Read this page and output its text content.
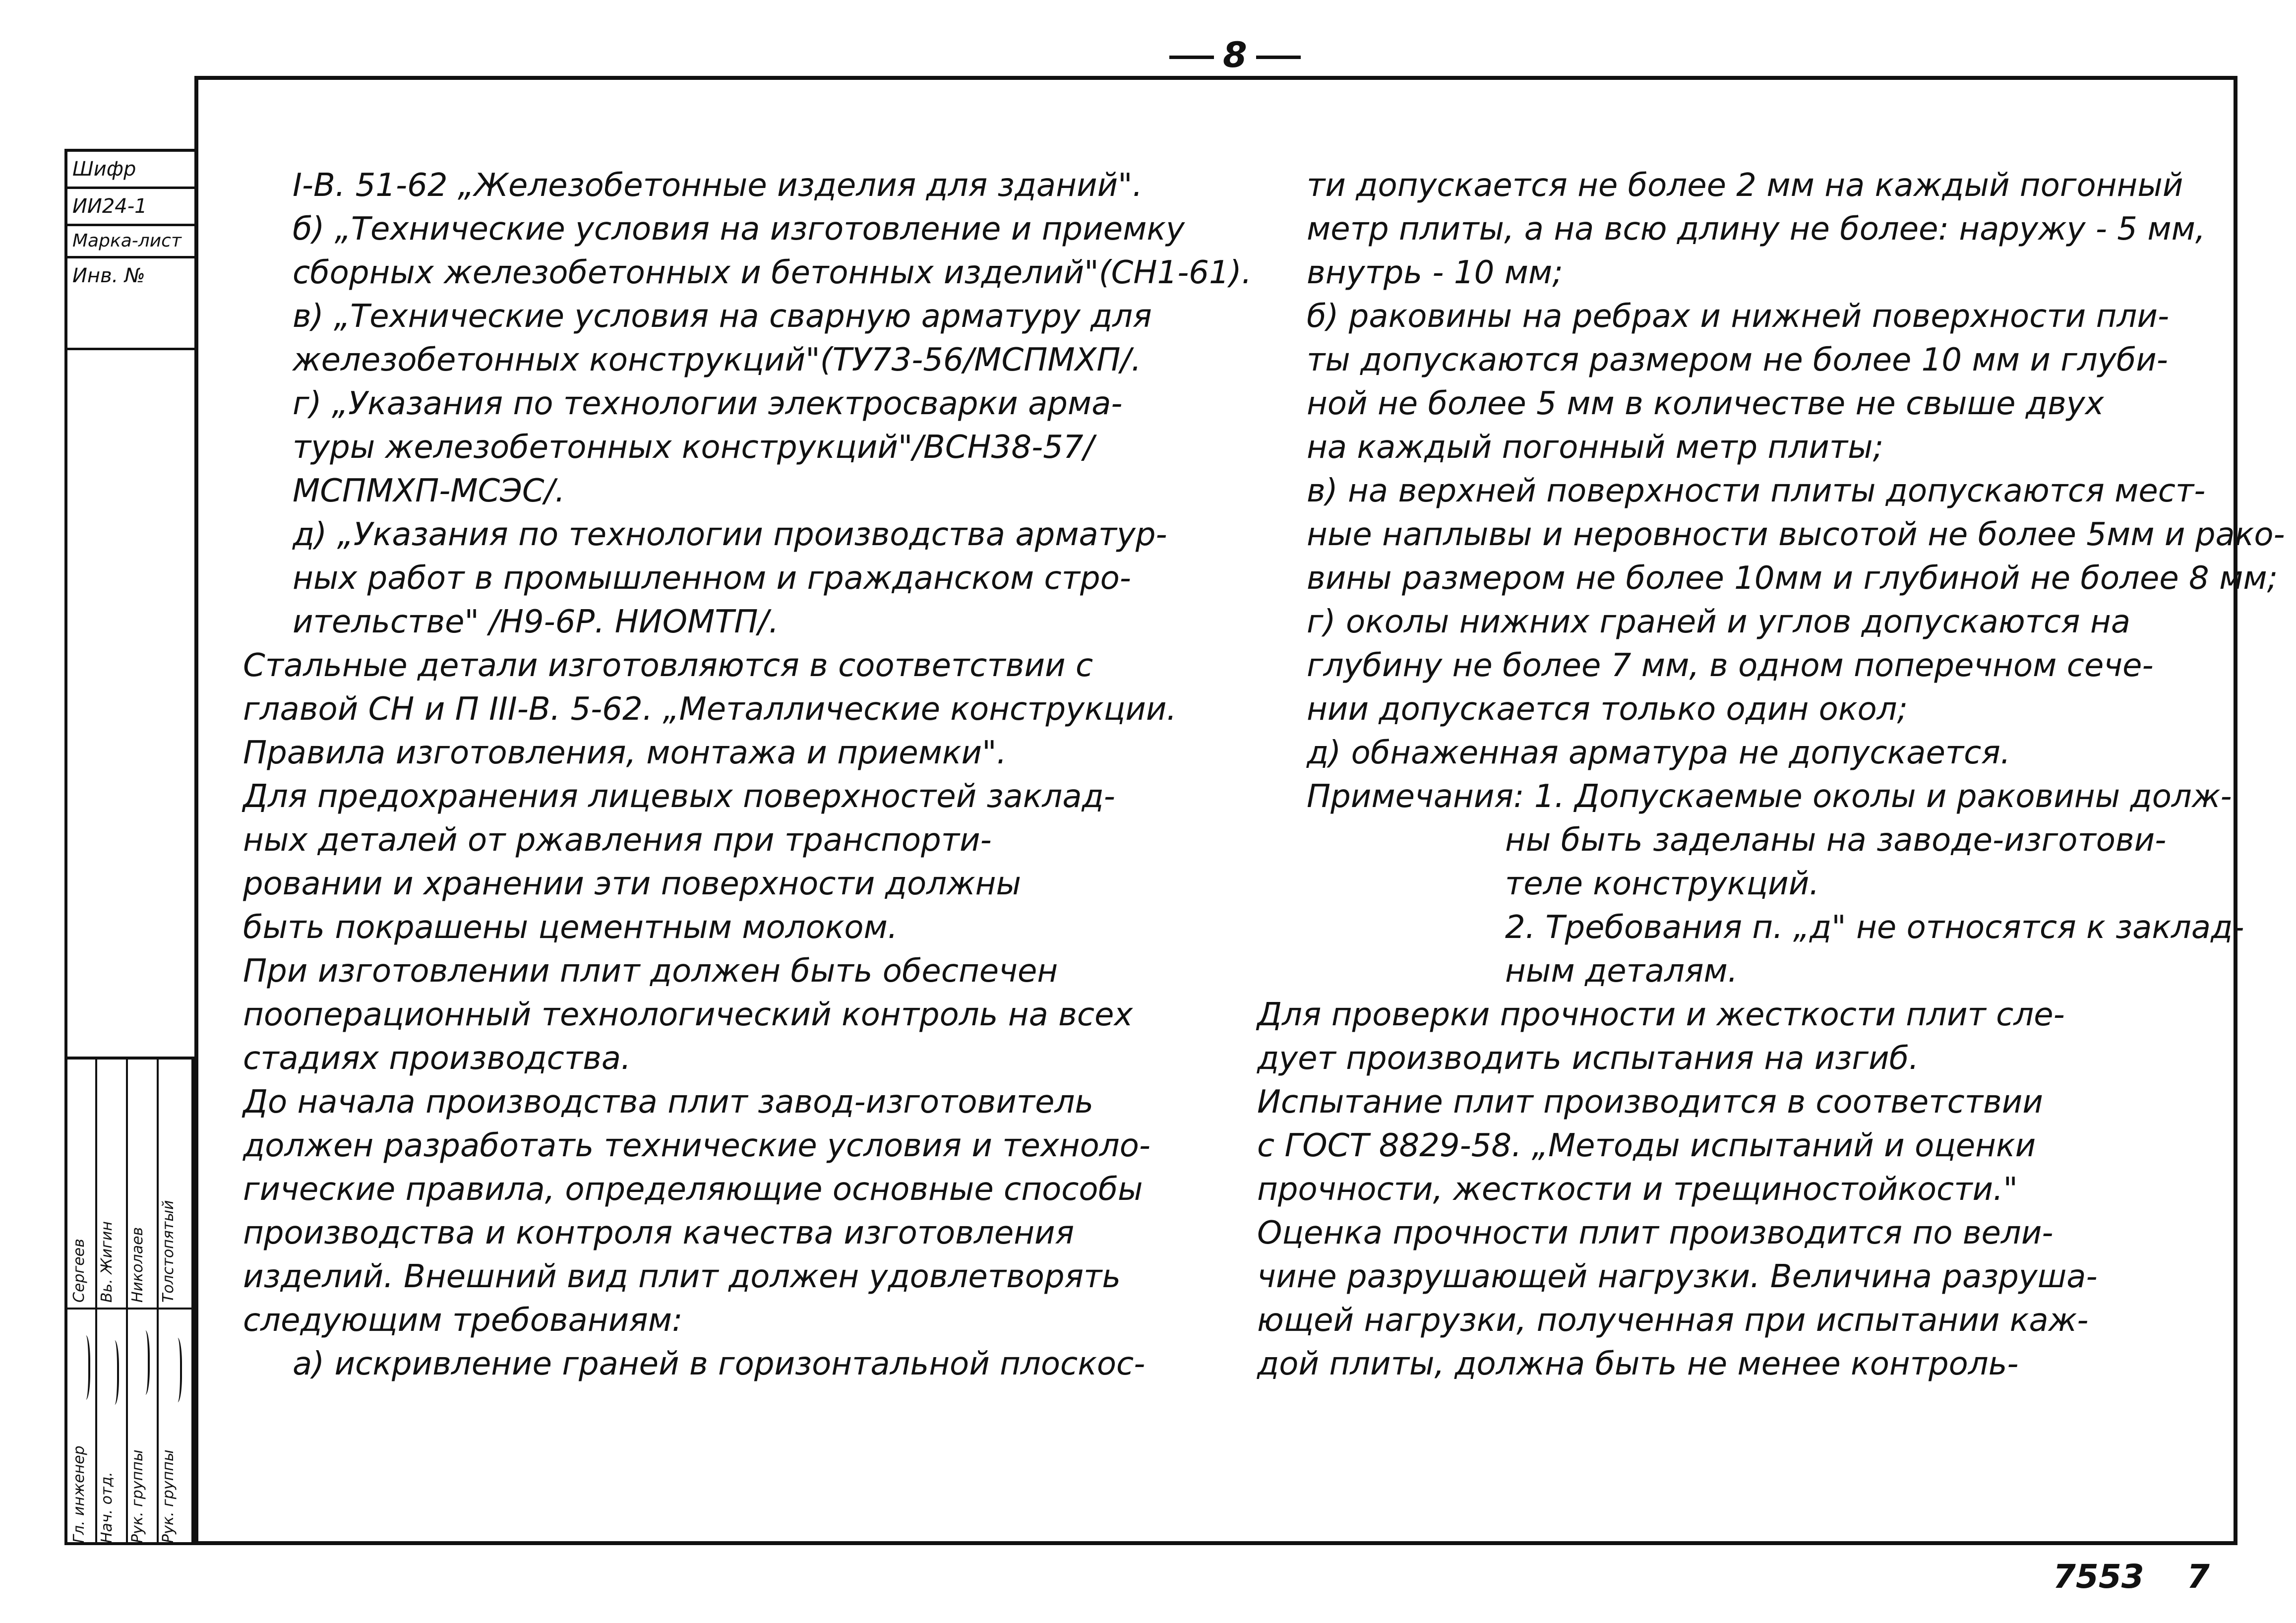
8
Шифр
ИИ24-1
Марка-лист
Инв. №
Гл. инженер Нач. отд. Рук. группы Рук. группы
Сергеев Вь. Жигин Николаев Толстопятый
I-В. 51-62 „Железобетонные изделия для зданий".
б) „Технические условия на изготовление и приемку
сборных железобетонных и бетонных изделий"(СН1-61).
в) „Технические условия на сварную арматуру для
железобетонных конструкций"(ТУ73-56/МСПМХП/.
г) „Указания по технологии электросварки арма-
туры железобетонных конструкций"/ВСН38-57/
МСПМХП-МСЭС/.
д) „Указания по технологии производства арматур-
ных работ в промышленном и гражданском стро-
ительстве" /Н9-6Р. НИОМТП/.
Стальные детали изготовляются в соответствии с
главой СН и П III-В. 5-62. „Металлические конструкции.
Правила изготовления, монтажа и приемки".
Для предохранения лицевых поверхностей заклад-
ных деталей от ржавления при транспорти-
ровании и хранении эти поверхности должны
быть покрашены цементным молоком.
При изготовлении плит должен быть обеспечен
пооперационный технологический контроль на всех
стадиях производства.
До начала производства плит завод-изготовитель
должен разработать технические условия и техноло-
гические правила, определяющие основные способы
производства и контроля качества изготовления
изделий. Внешний вид плит должен удовлетворять
следующим требованиям:
а) искривление граней в горизонтальной плоскос-
ти допускается не более 2 мм на каждый погонный
метр плиты, а на всю длину не более: наружу - 5 мм,
внутрь - 10 мм;
б) раковины на ребрах и нижней поверхности пли-
ты допускаются размером не более 10 мм и глуби-
ной не более 5 мм в количестве не свыше двух
на каждый погонный метр плиты;
в) на верхней поверхности плиты допускаются мест-
ные наплывы и неровности высотой не более 5мм и рако-
вины размером не более 10мм и глубиной не более 8 мм;
г) околы нижних граней и углов допускаются на
глубину не более 7 мм, в одном поперечном сече-
нии допускается только один окол;
д) обнаженная арматура не допускается.
Примечания: 1. Допускаемые околы и раковины долж-
ны быть заделаны на заводе-изготови-
теле конструкций.
2. Требования п. „д" не относятся к заклад-
ным деталям.
Для проверки прочности и жесткости плит сле-
дует производить испытания на изгиб.
Испытание плит производится в соответствии
с ГОСТ 8829-58. „Методы испытаний и оценки
прочности, жесткости и трещиностойкости."
Оценка прочности плит производится по вели-
чине разрушающей нагрузки. Величина разруша-
ющей нагрузки, полученная при испытании каж-
дой плиты, должна быть не менее контроль-
7553 7
